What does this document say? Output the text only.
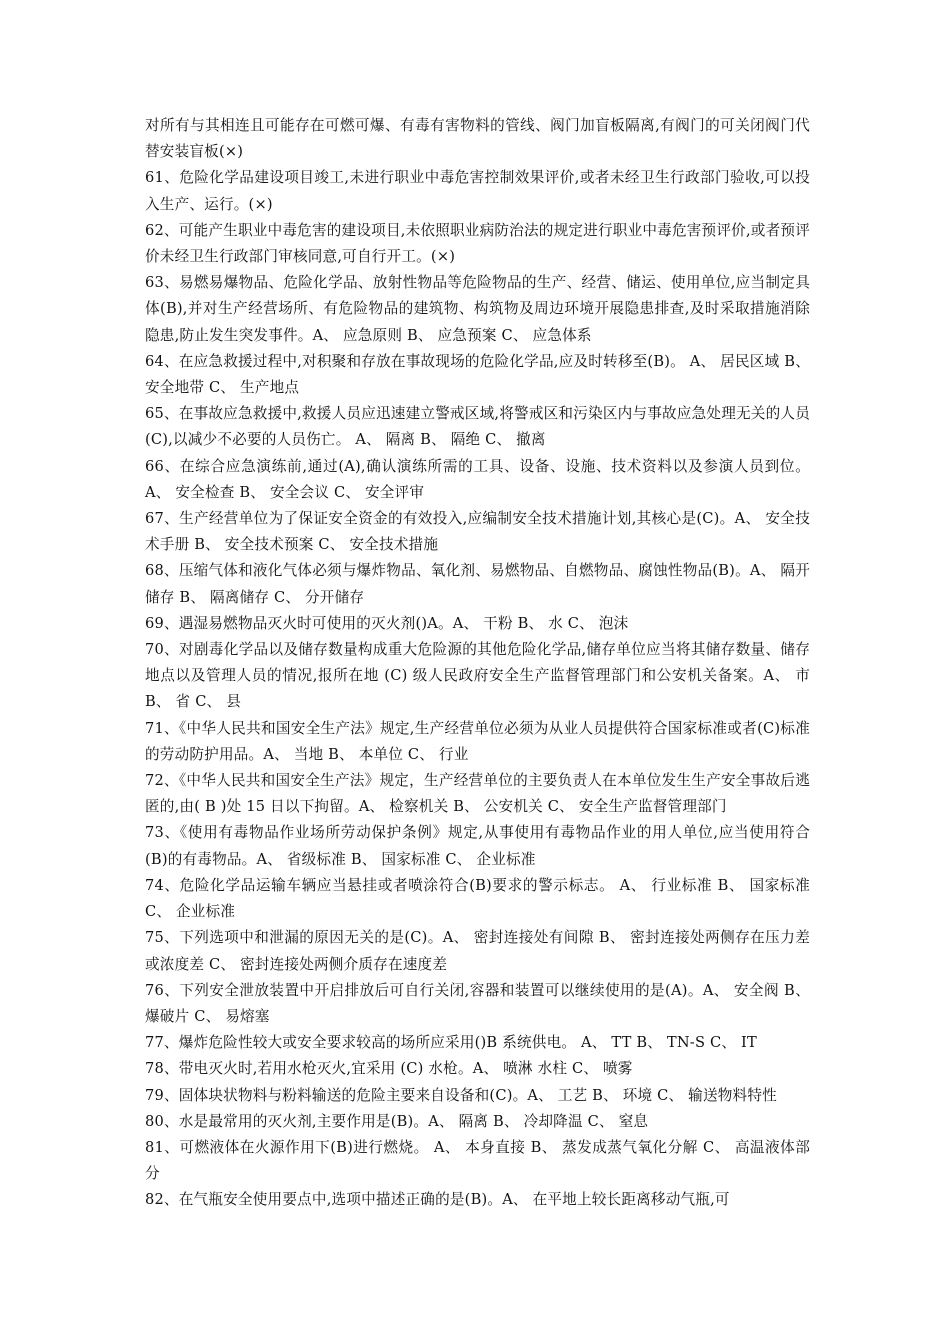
对所有与其相连且可能存在可燃可爆、有毒有害物料的管线、阀门加盲板隔离,有阀门的可关闭阀门代替安装盲板(×)

61、危险化学品建设项目竣工,未进行职业中毒危害控制效果评价,或者未经卫生行政部门验收,可以投入生产、运行。(×)

62、可能产生职业中毒危害的建设项目,未依照职业病防治法的规定进行职业中毒危害预评价,或者预评价未经卫生行政部门审核同意,可自行开工。(×)

63、易燃易爆物品、危险化学品、放射性物品等危险物品的生产、经营、储运、使用单位,应当制定具体(B),并对生产经营场所、有危险物品的建筑物、构筑物及周边环境开展隐患排查,及时采取措施消除隐患,防止发生突发事件。A、 应急原则 B、 应急预案 C、 应急体系

64、在应急救援过程中,对积聚和存放在事故现场的危险化学品,应及时转移至(B)。 A、 居民区域 B、 安全地带 C、 生产地点

65、在事故应急救援中,救援人员应迅速建立警戒区域,将警戒区和污染区内与事故应急处理无关的人员(C),以减少不必要的人员伤亡。 A、 隔离 B、 隔绝 C、 撤离

66、在综合应急演练前,通过(A),确认演练所需的工具、设备、设施、技术资料以及参演人员到位。A、 安全检查 B、 安全会议 C、 安全评审

67、生产经营单位为了保证安全资金的有效投入,应编制安全技术措施计划,其核心是(C)。A、 安全技术手册 B、 安全技术预案 C、 安全技术措施

68、压缩气体和液化气体必须与爆炸物品、氧化剂、易燃物品、自燃物品、腐蚀性物品(B)。A、 隔开储存 B、 隔离储存 C、 分开储存

69、遇湿易燃物品灭火时可使用的灭火剂()A。A、 干粉 B、 水 C、 泡沫

70、对剧毒化学品以及储存数量构成重大危险源的其他危险化学品,储存单位应当将其储存数量、储存地点以及管理人员的情况,报所在地 (C) 级人民政府安全生产监督管理部门和公安机关备案。A、 市 B、 省 C、 县

71、《中华人民共和国安全生产法》规定,生产经营单位必须为从业人员提供符合国家标准或者(C)标准的劳动防护用品。A、 当地 B、 本单位 C、 行业

72、《中华人民共和国安全生产法》规定，生产经营单位的主要负责人在本单位发生生产安全事故后逃匿的,由( B )处 15 日以下拘留。A、 检察机关 B、 公安机关 C、 安全生产监督管理部门

73、《使用有毒物品作业场所劳动保护条例》规定,从事使用有毒物品作业的用人单位,应当使用符合(B)的有毒物品。A、 省级标准 B、 国家标准 C、 企业标准

74、危险化学品运输车辆应当悬挂或者喷涂符合(B)要求的警示标志。 A、 行业标准 B、 国家标准 C、 企业标准

75、下列选项中和泄漏的原因无关的是(C)。A、 密封连接处有间隙 B、 密封连接处两侧存在压力差或浓度差 C、 密封连接处两侧介质存在速度差

76、下列安全泄放装置中开启排放后可自行关闭,容器和装置可以继续使用的是(A)。A、 安全阀 B、 爆破片 C、 易熔塞

77、爆炸危险性较大或安全要求较高的场所应采用()B 系统供电。 A、 TT B、 TN-S C、 IT

78、带电灭火时,若用水枪灭火,宜采用 (C) 水枪。A、 喷淋 水柱 C、 喷雾

79、固体块状物料与粉料输送的危险主要来自设备和(C)。A、 工艺 B、 环境 C、 输送物料特性

80、水是最常用的灭火剂,主要作用是(B)。A、 隔离 B、 冷却降温 C、 窒息

81、可燃液体在火源作用下(B)进行燃烧。 A、 本身直接 B、 蒸发成蒸气氧化分解 C、 高温液体部分

82、在气瓶安全使用要点中,选项中描述正确的是(B)。A、 在平地上较长距离移动气瓶,可
